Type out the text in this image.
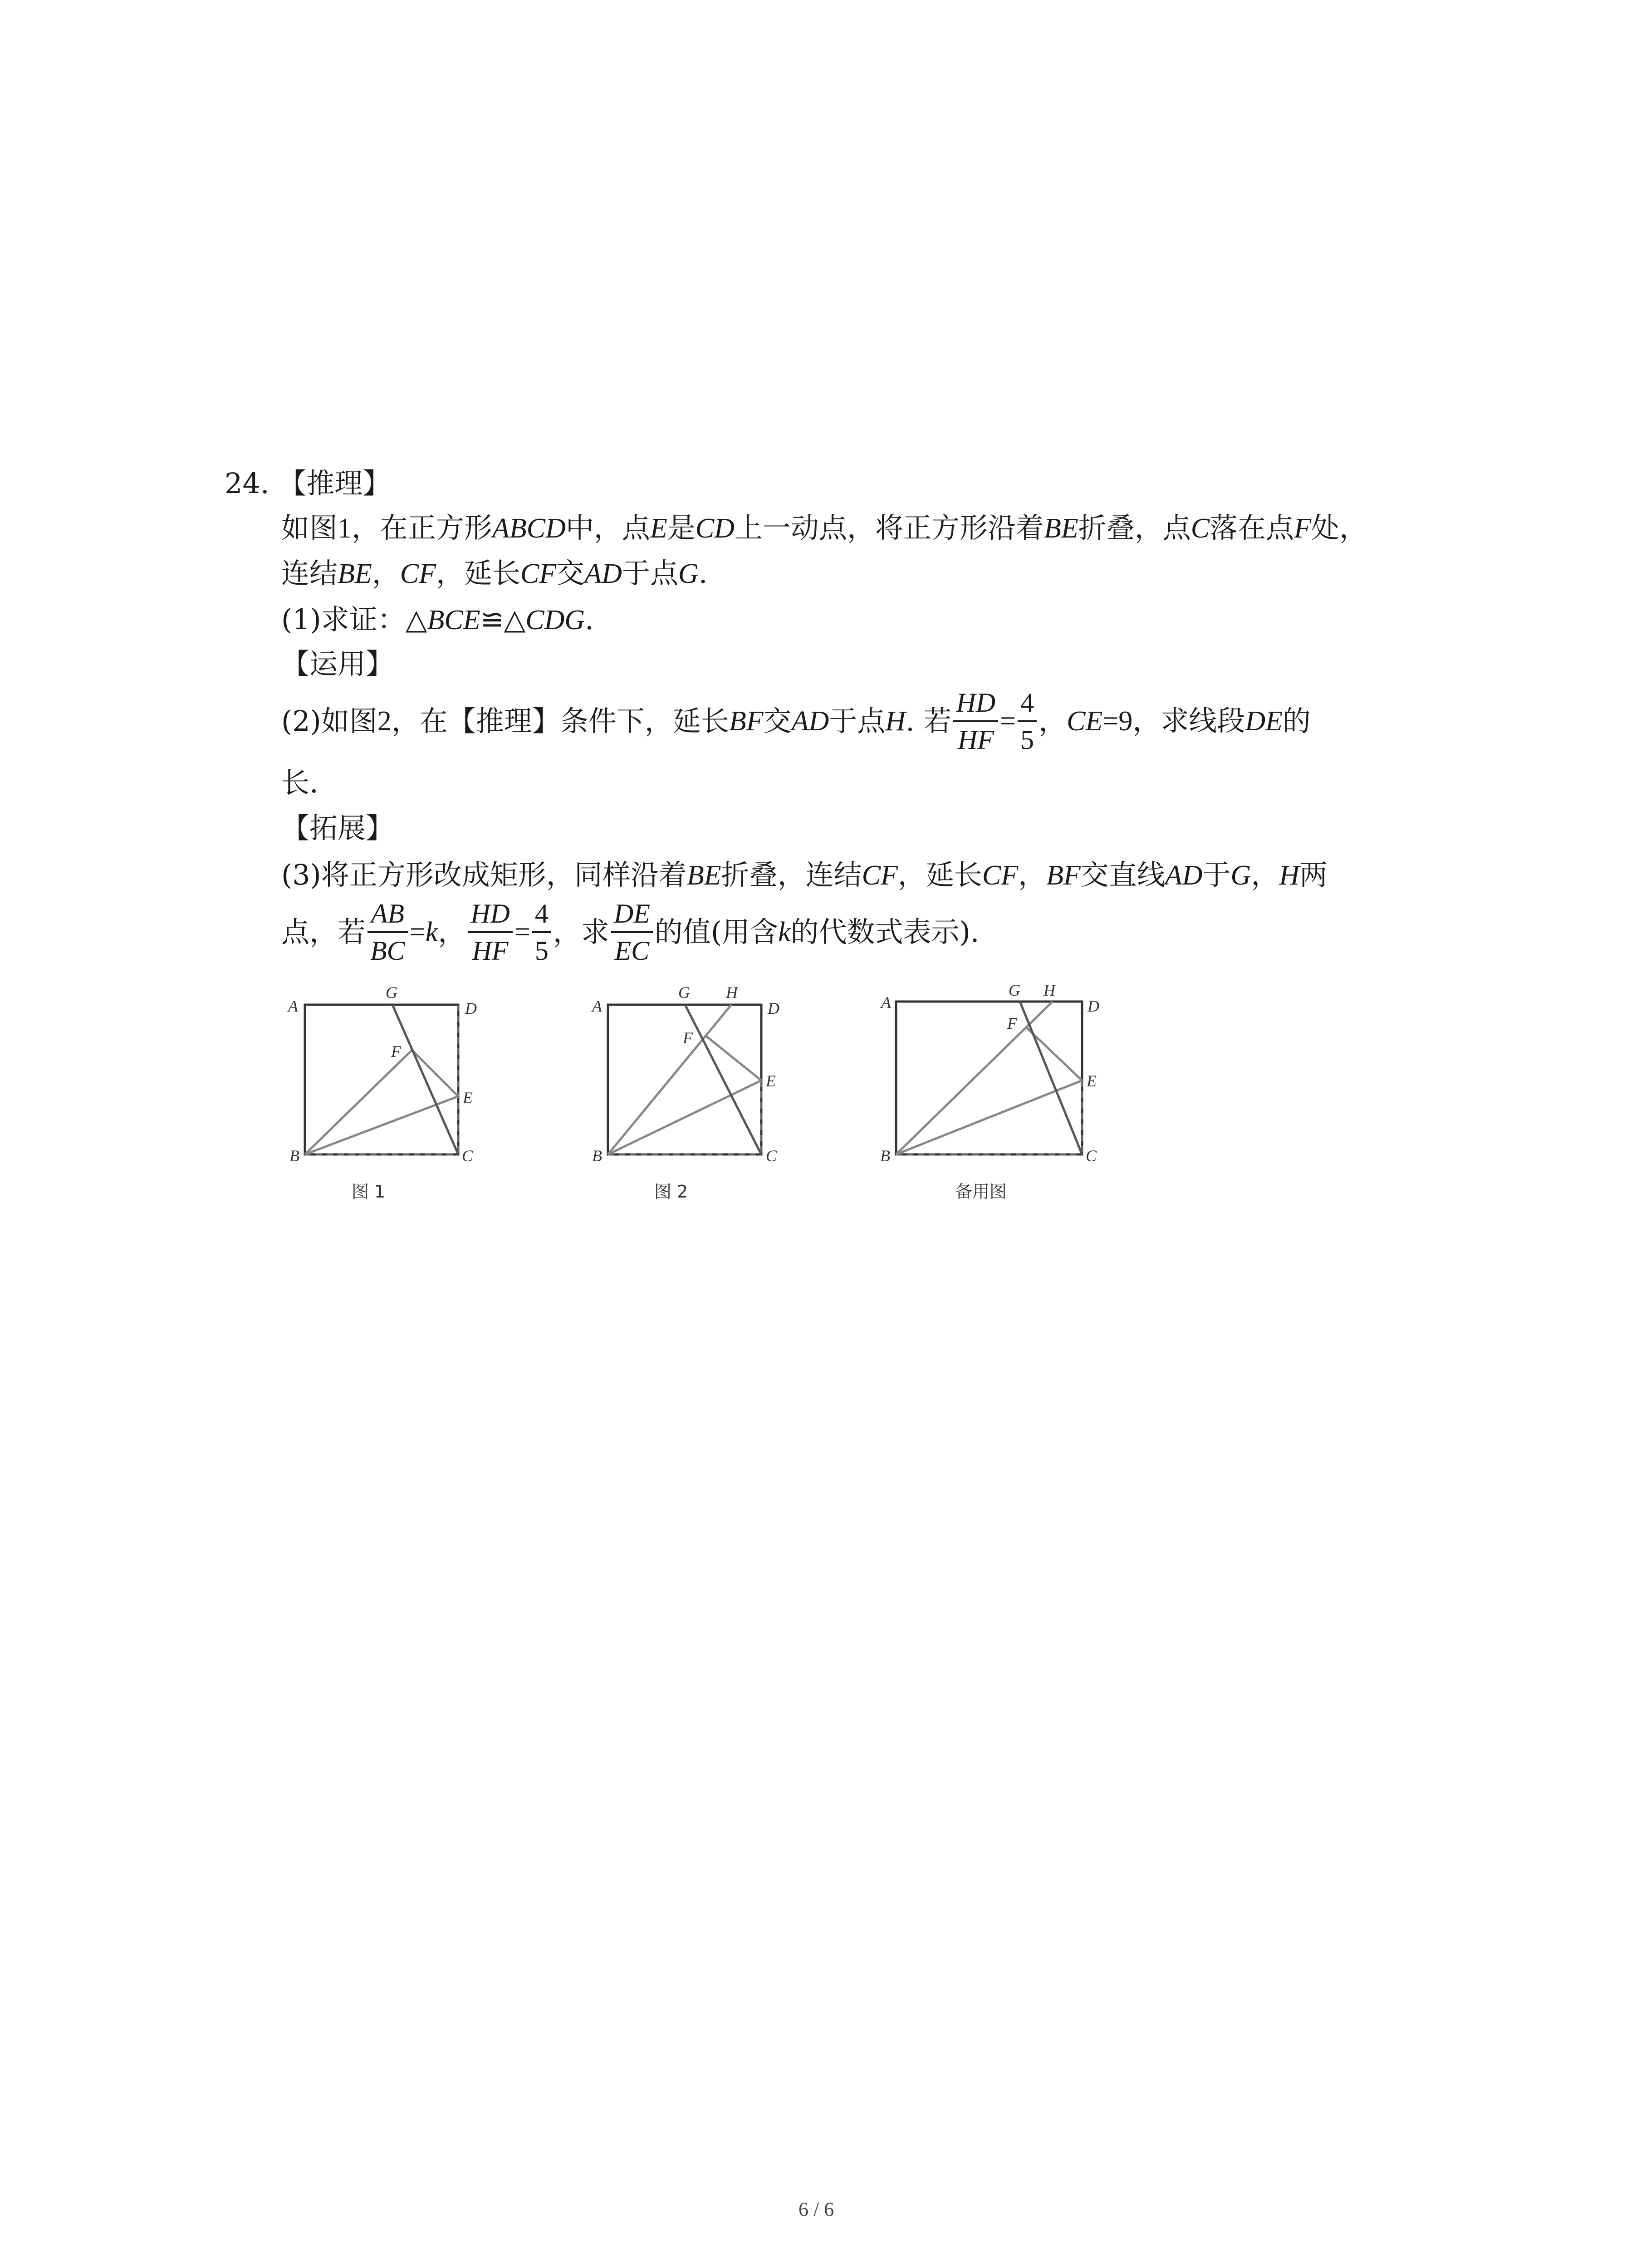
24. 【推理】
如图1，在正方形ABCD中，点E是CD上一动点，将正方形沿着BE折叠，点C落在点F处，
连结BE，CF，延长CF交AD于点G.
(1)求证：△BCE≌△CDG.
【运用】
(2)如图 2 ，在【推理】条件下，延长 BF 交 AD 于点 H . 若 $\frac{HD}{HF} = \frac{4}{5}$ ， CE =9，求线段 DE 的
长.
【拓展】
(3)将正方形改成矩形，同样沿着BE折叠，连结CF，延长CF，BF交直线AD于G，H两
点，若 $\frac{AB}{BC} = k$ ， $\frac{HD}{HF} = \frac{4}{5}$ ，求 $\frac{DE}{EC}$ 的值(用含 k 的代数式表示).
A	D
G
F
E
B	C
图 1
A	D
G H
F
E
B	C
图 2
A	D
G H
F
E
B	C
备用图
6 / 6
